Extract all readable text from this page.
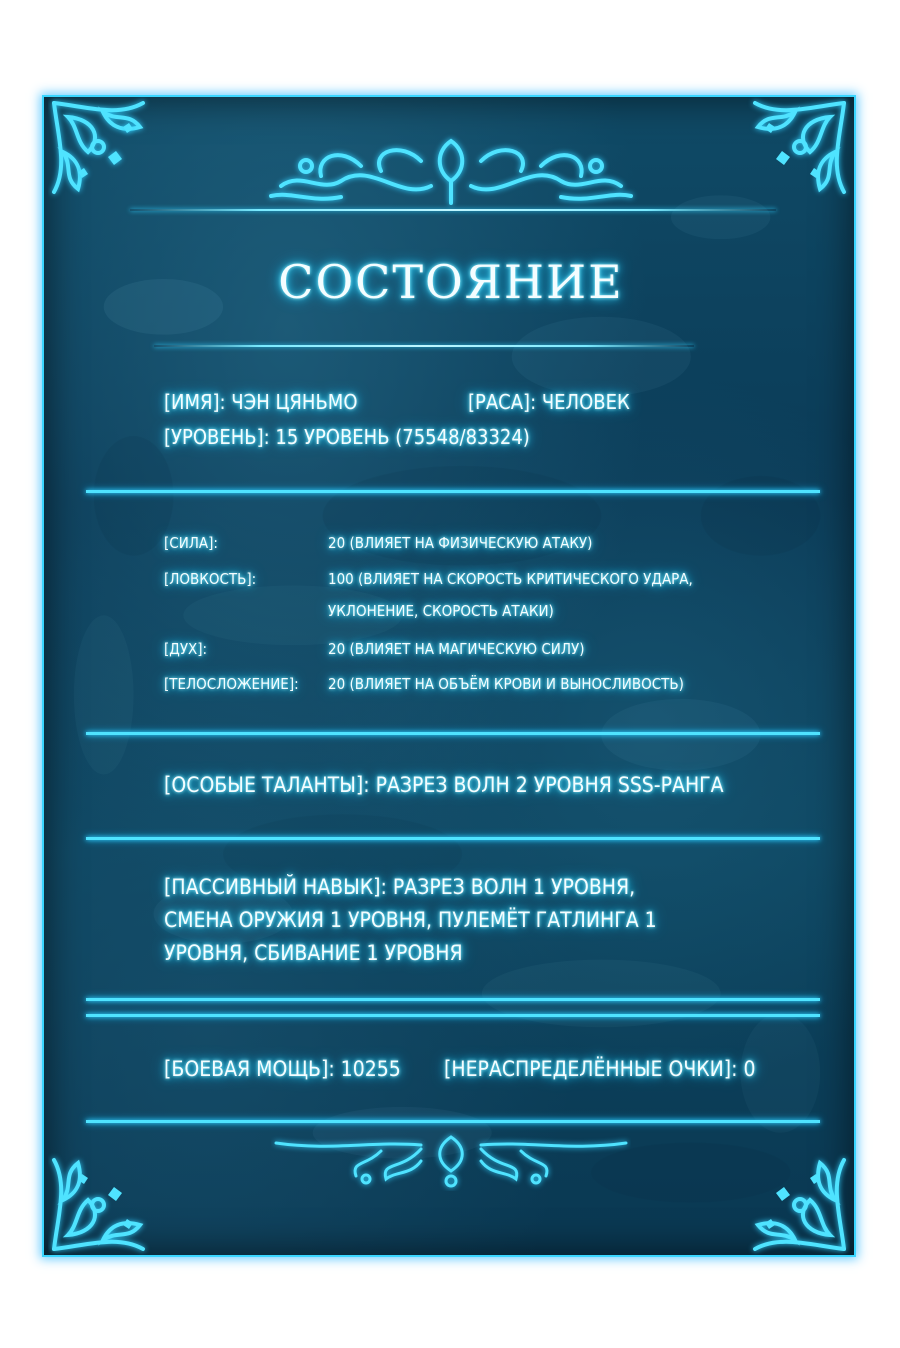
СОСТОЯНИЕ
[ИМЯ]: ЧЭН ЦЯНЬМО	[РАСА]: ЧЕЛОВЕК
[УРОВЕНЬ]: 15 УРОВЕНЬ (75548/83324)
[СИЛА]:	20 (ВЛИЯЕТ НА ФИЗИЧЕСКУЮ АТАКУ)
[ЛОВКОСТЬ]:	100 (ВЛИЯЕТ НА СКОРОСТЬ КРИТИЧЕСКОГО УДАРА,
УКЛОНЕНИЕ, СКОРОСТЬ АТАКИ)
[ДУХ]:	20 (ВЛИЯЕТ НА МАГИЧЕСКУЮ СИЛУ)
[ТЕЛОСЛОЖЕНИЕ]: 20 (ВЛИЯЕТ НА ОБЪЁМ КРОВИ И ВЫНОСЛИВОСТЬ)
[ОСОБЫЕ ТАЛАНТЫ]: РАЗРЕЗ ВОЛН 2 УРОВНЯ SSS-РАНГА
[ПАССИВНЫЙ НАВЫК]: РАЗРЕЗ ВОЛН 1 УРОВНЯ,
СМЕНА ОРУЖИЯ 1 УРОВНЯ, ПУЛЕМЁТ ГАТЛИНГА 1
УРОВНЯ, СБИВАНИЕ 1 УРОВНЯ
[БОЕВАЯ МОЩЬ]: 10255 [НЕРАСПРЕДЕЛЁННЫЕ ОЧКИ]: 0
